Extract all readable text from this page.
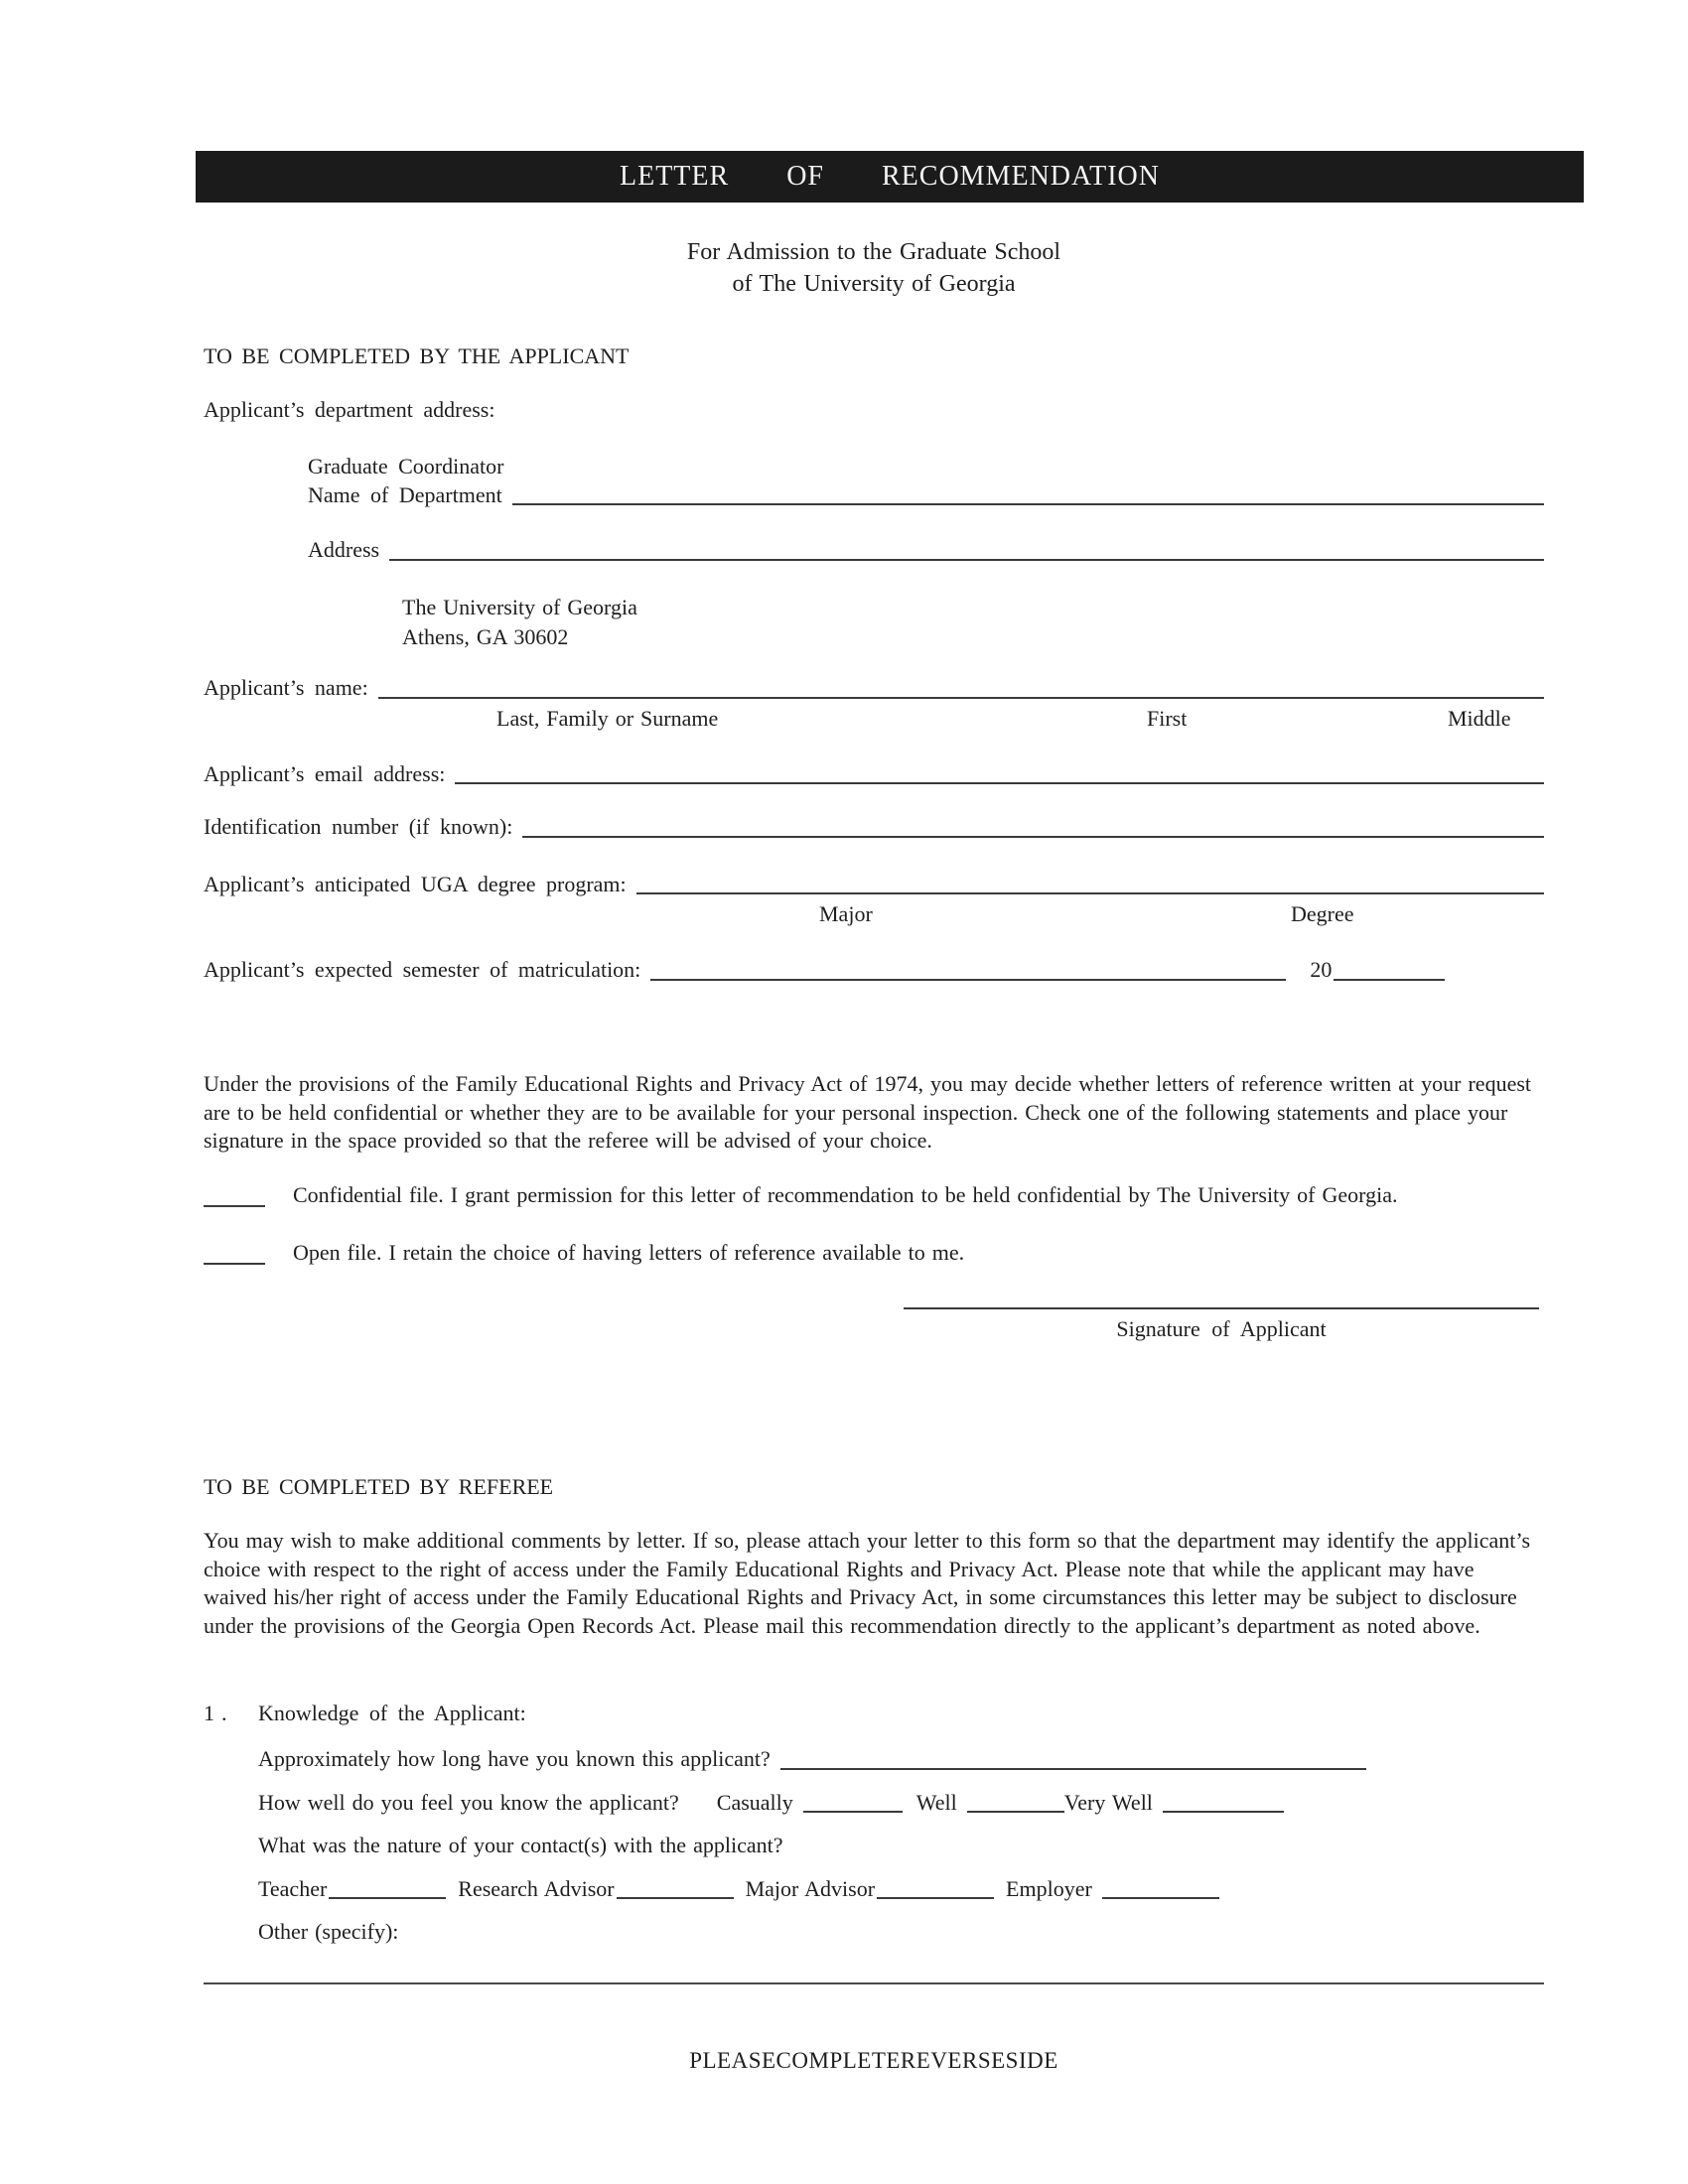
LETTER OF RECOMMENDATION
For Admission to the Graduate School
of The University of Georgia
TO BE COMPLETED BY THE APPLICANT
Applicant’s department address:
Graduate Coordinator
Name of Department
Address
The University of Georgia
Athens, GA 30602
Applicant’s name:
Last, Family or Surname	First	Middle
Applicant’s email address:
Identification number (if known):
Applicant’s anticipated UGA degree program:
Major	Degree
Applicant’s expected semester of matriculation:	20
Under the provisions of the Family Educational Rights and Privacy Act of 1974, you may decide whether letters of reference written at your request are to be held confidential or whether they are to be available for your personal inspection. Check one of the following statements and place your signature in the space provided so that the referee will be advised of your choice.
Confidential file. I grant permission for this letter of recommendation to be held confidential by The University of Georgia.
Open file. I retain the choice of having letters of reference available to me.
Signature of Applicant
TO BE COMPLETED BY REFEREE
You may wish to make additional comments by letter. If so, please attach your letter to this form so that the department may identify the applicant’s choice with respect to the right of access under the Family Educational Rights and Privacy Act. Please note that while the applicant may have waived his/her right of access under the Family Educational Rights and Privacy Act, in some circumstances this letter may be subject to disclosure under the provisions of the Georgia Open Records Act. Please mail this recommendation directly to the applicant’s department as noted above.
1 .	Knowledge of the Applicant:
Approximately how long have you known this applicant?
How well do you feel you know the applicant? Casually	Well	Very Well
What was the nature of your contact(s) with the applicant?
Teacher	Research Advisor	Major Advisor	Employer
Other (specify):
PLEASECOMPLETEREVERSESIDE
